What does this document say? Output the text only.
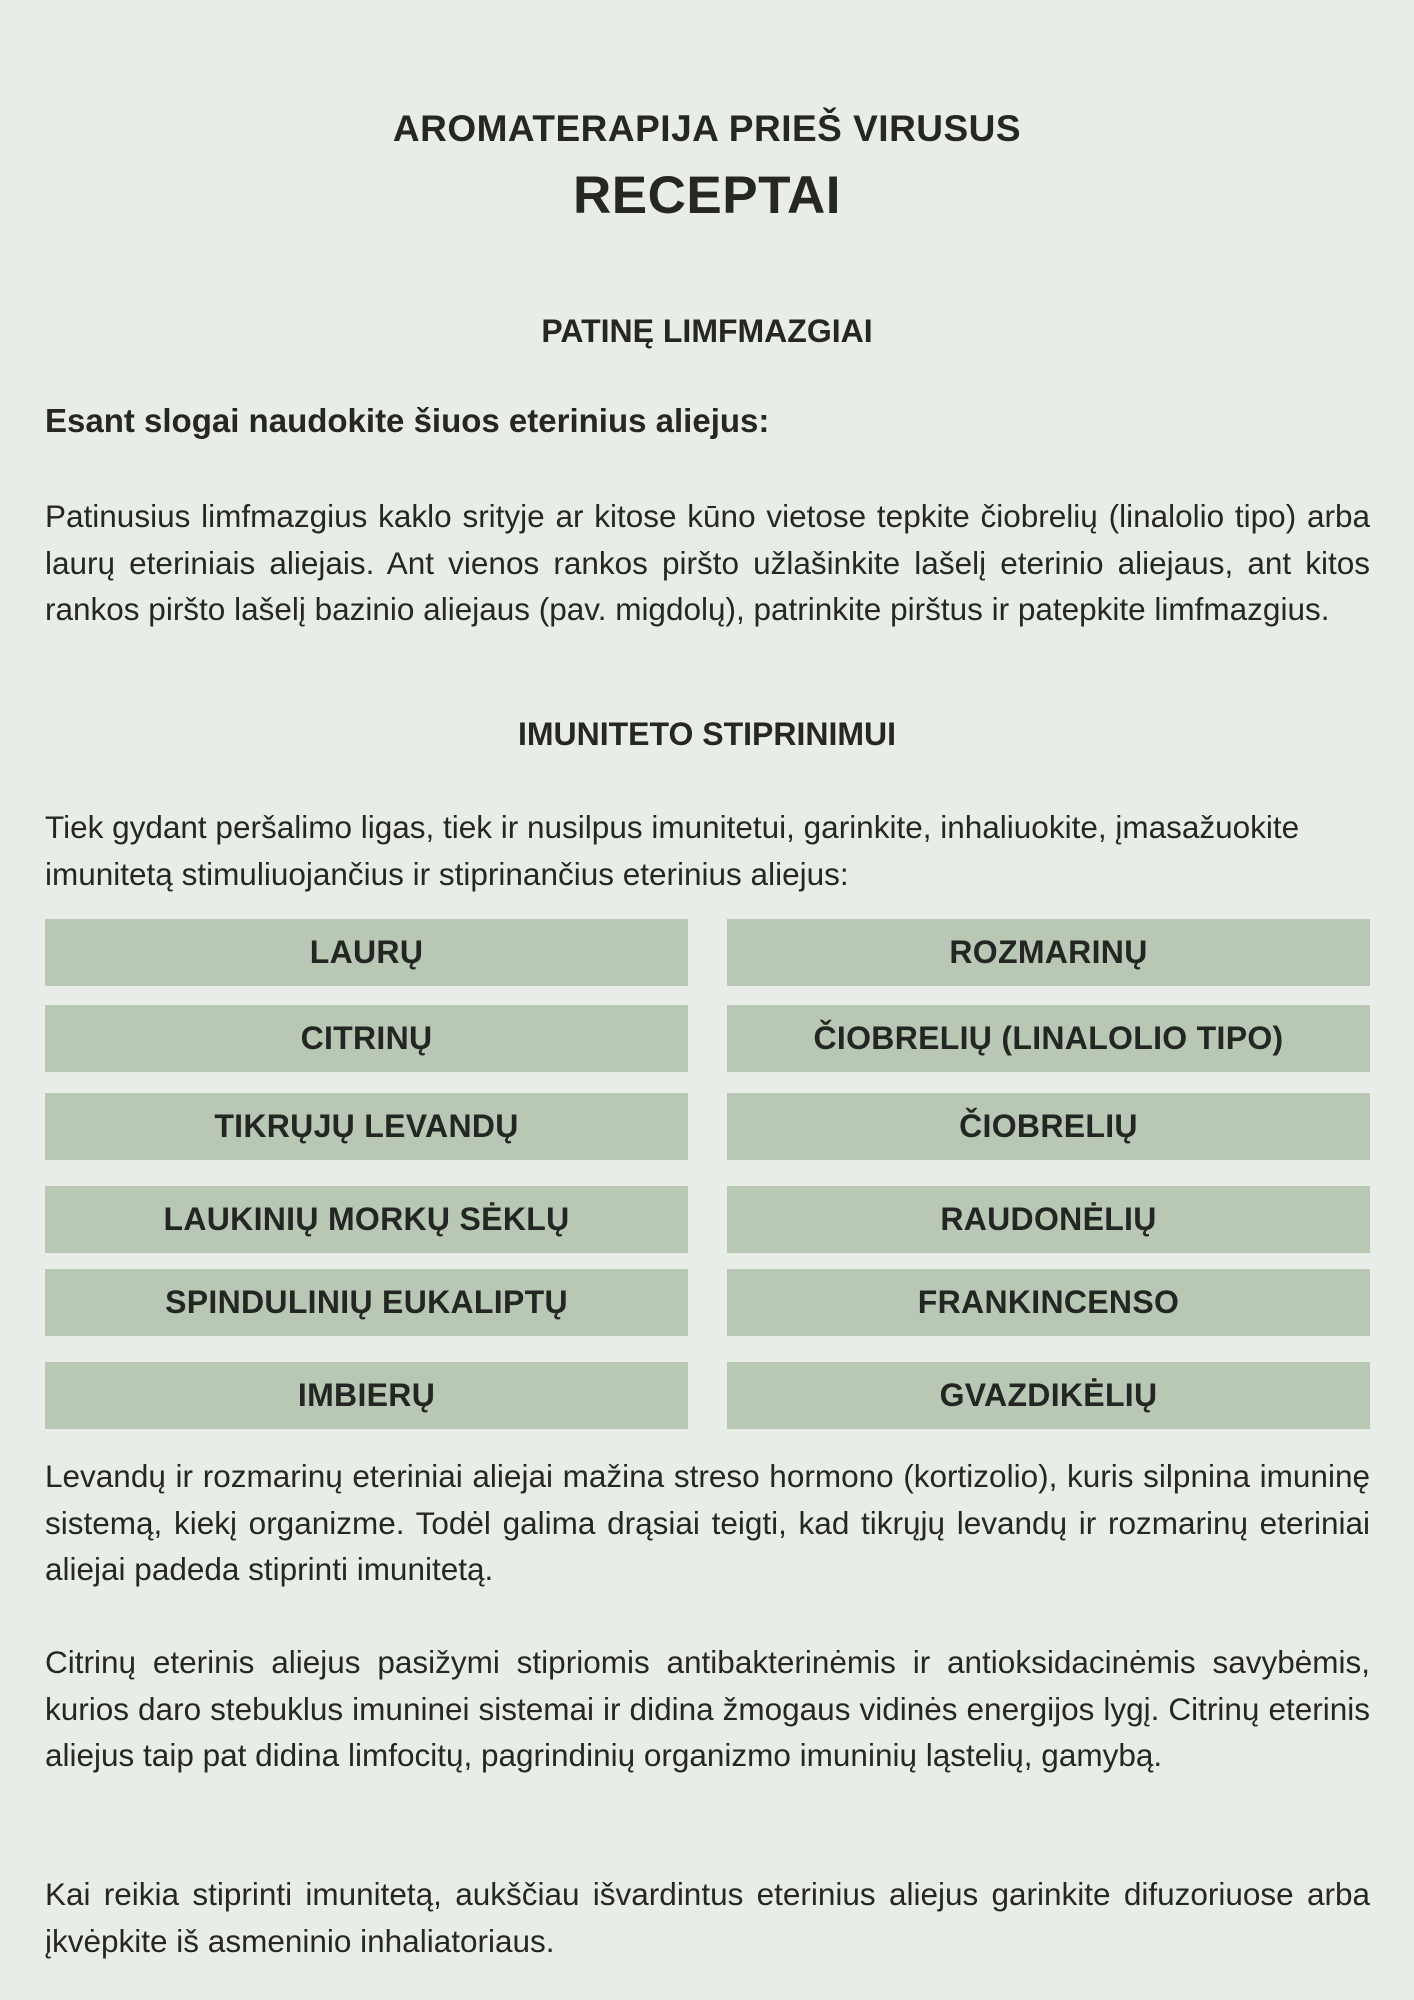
AROMATERAPIJA PRIEŠ VIRUSUS
RECEPTAI
PATINĘ LIMFMAZGIAI
Esant slogai naudokite šiuos eterinius aliejus:
Patinusius limfmazgius kaklo srityje ar kitose kūno vietose tepkite čiobrelių (linalolio tipo) arba laurų eteriniais aliejais. Ant vienos rankos piršto užlašinkite lašelį eterinio aliejaus, ant kitos rankos piršto lašelį bazinio aliejaus (pav. migdolų), patrinkite pirštus ir patepkite limfmazgius.
IMUNITETO STIPRINIMUI
Tiek gydant peršalimo ligas, tiek ir nusilpus imunitetui, garinkite, inhaliuokite, įmasažuokite imunitetą stimuliuojančius ir stiprinančius eterinius aliejus:
LAURŲ	ROZMARINŲ
CITRINŲ	ČIOBRELIŲ (LINALOLIO TIPO)
TIKRŲJŲ LEVANDŲ	ČIOBRELIŲ
LAUKINIŲ MORKŲ SĖKLŲ	RAUDONĖLIŲ
SPINDULINIŲ EUKALIPTŲ	FRANKINCENSO
IMBIERŲ	GVAZDIKĖLIŲ
Levandų ir rozmarinų eteriniai aliejai mažina streso hormono (kortizolio), kuris silpnina imuninę sistemą, kiekį organizme. Todėl galima drąsiai teigti, kad tikrųjų levandų ir rozmarinų eteriniai aliejai padeda stiprinti imunitetą.
Citrinų eterinis aliejus pasižymi stipriomis antibakterinėmis ir antioksidacinėmis savybėmis, kurios daro stebuklus imuninei sistemai ir didina žmogaus vidinės energijos lygį. Citrinų eterinis aliejus taip pat didina limfocitų, pagrindinių organizmo imuninių ląstelių, gamybą.
Kai reikia stiprinti imunitetą, aukščiau išvardintus eterinius aliejus garinkite difuzoriuose arba įkvėpkite iš asmeninio inhaliatoriaus.
